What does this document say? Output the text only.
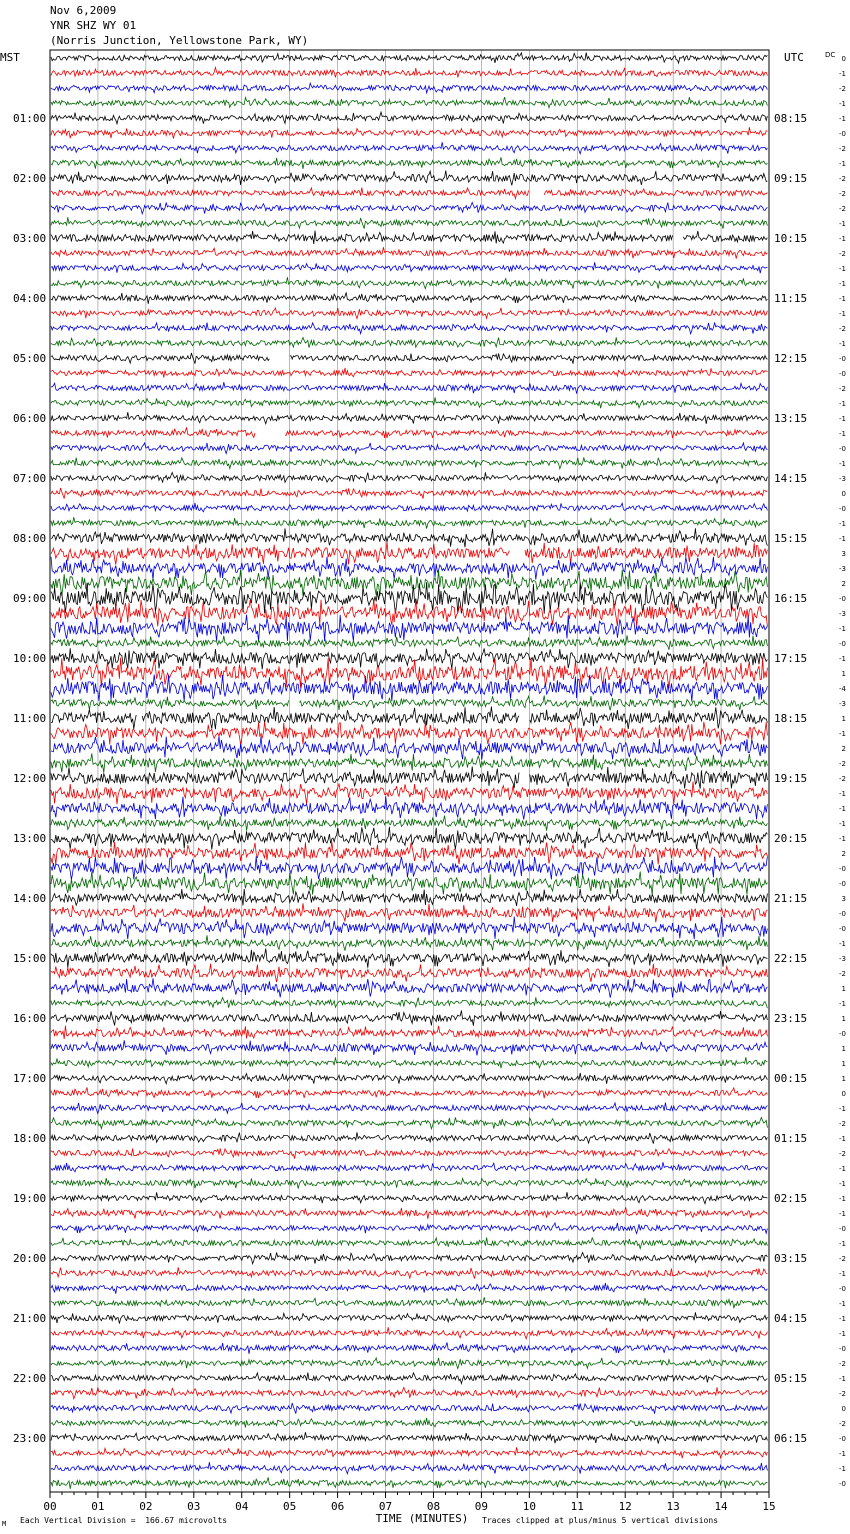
Nov 6,2009
YNR SHZ WY 01
(Norris Junction, Yellowstone Park, WY)
00	01	02	03	04	05	06	07	08	09	10	11	12	13	14	15
TIME (MINUTES)
MST	UTC	DC
01:00
02:00
03:00
04:00
05:00
06:00
07:00
08:00
09:00
10:00
11:00
12:00
13:00
14:00
15:00
16:00
17:00
18:00
19:00
20:00
21:00
22:00
23:00
08:15
09:15
10:15
11:15
12:15
13:15
14:15
15:15
16:15
17:15
18:15
19:15
20:15
21:15
22:15
23:15
00:15
01:15
02:15
03:15
04:15
05:15
06:15
0
-1
-2
-1
-1
-0
-2
-1
-2
-2
-2
-1
-1
-2
-1
-1
-1
-1
-2
-1
-0
-0
-2
-1
-1
-1
-0
-1
-3
0
-0
-1
-1
3
-3
2
-0
-3
-1
-0
-1
1
-4
-3
1
-1
2
-2
-2
-1
-1
-1
-1
2
-0
-0
3
-0
-0
-1
-3
-2
1
-1
1
-0
1
1
1
0
-1
-2
-1
-2
-1
-1
-1
-1
-0
-1
-2
-1
-0
-1
-1
-1
-0
-2
-1
-2
0
-2
-0
-1
-1
-0
M Each Vertical Division =  166.67 microvolts	Traces clipped at plus/minus 5 vertical divisions
